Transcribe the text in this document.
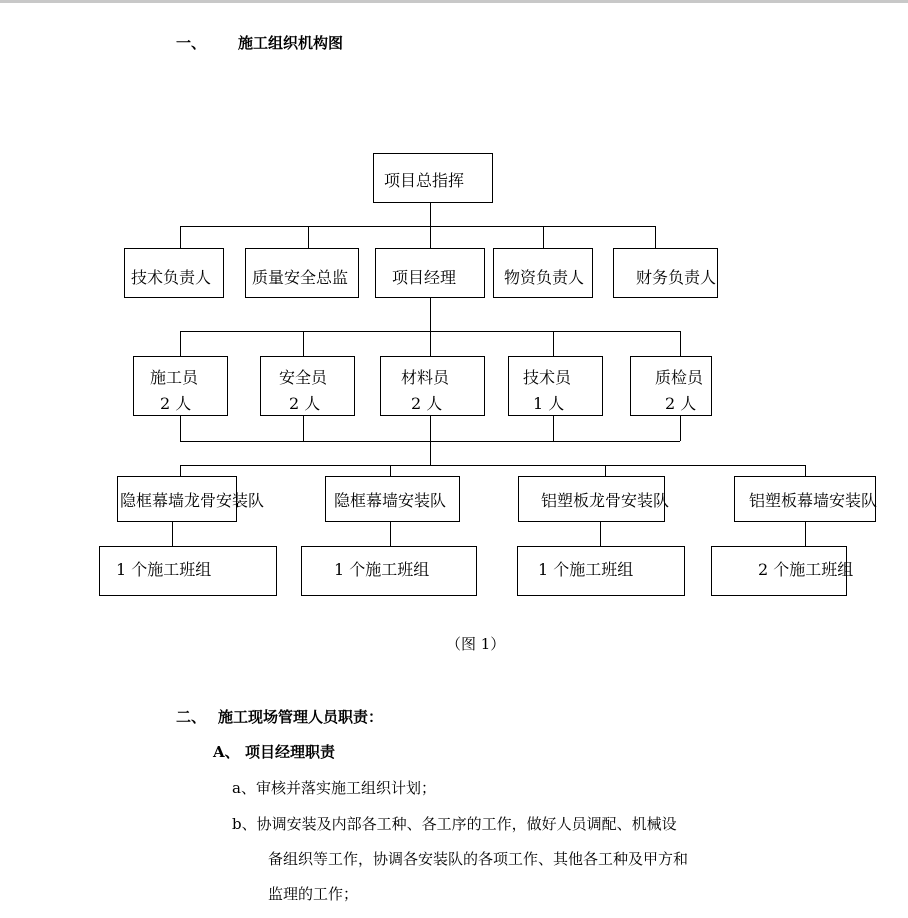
一、 施工组织机构图
项目总指挥
技术负责人	质量安全总监	项目经理	物资负责人	财务负责人
施工员
2 人
安全员
2 人
材料员
2 人
技术员
1 人
质检员
2 人
隐框幕墙龙骨安装队	隐框幕墙安装队	铝塑板龙骨安装队	铝塑板幕墙安装队
1 个施工班组	1 个施工班组	1 个施工班组	2 个施工班组
（图 1）
二、 施工现场管理人员职责：
A、 项目经理职责
a、审核并落实施工组织计划；
b、协调安装及内部各工种、各工序的工作，做好人员调配、机械设
备组织等工作，协调各安装队的各项工作、其他各工种及甲方和
监理的工作；
